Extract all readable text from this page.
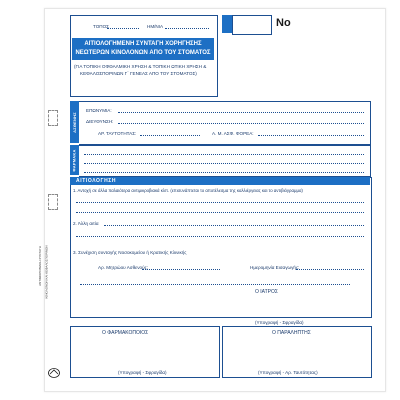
ΤΟΠΟΣ	ΗΜ/ΝΙΑ
ΑΙΤΙΟΛΟΓΗΜΕΝΗ ΣΥΝΤΑΓΗ ΧΟΡΗΓΗΣΗΣ
ΝΕΩΤΕΡΩΝ ΚΙΝΟΛΟΝΩΝ ΑΠΟ ΤΟΥ ΣΤΟΜΑΤΟΣ
(ΓΙΑ ΤΟΠΙΚΗ ΟΦΘΑΛΜΙΚΗ ΧΡΗΣΗ & ΤΟΠΙΚΗ ΩΤΙΚΗ ΧΡΗΣΗ &
ΚΕΦΑΛΟΣΠΟΡΙΝΩΝ Γ΄ ΓΕΝΕΑΣ ΑΠΟ ΤΟΥ ΣΤΟΜΑΤΟΣ)
No
ΑΣΘΕΝΗΣ
ΕΠΩΝΥΜΙΑ:
ΔΙΕΥΘΥΝΣΗ:
ΑΡ. ΤΑΥΤΟΤΗΤΑΣ:	Α. Μ. ΑΣΦ. ΦΟΡΕΑ:
ΦΑΡΜΑΚΑ
ΑΙΤΙΟΛΟΓΗΣΗ
1. Αντοχή σε άλλα παλαιότερα αντιμικροβιακά κλπ. (επισυνάπτεται το αποτέλεσμα της καλλιέργειας και το αντιβιόγραμμα)
2. Άλλη αιτία
3. Συνέχιση συνταγής Νοσοκομείου ή Κρατικής Κλινικής
Αρ. Μητρώου Ασθενούς:	Ημερομηνία Εισαγωγής:
Ο ΙΑΤΡΟΣ
(Υπογραφή - Σφραγίδα)
Ο ΦΑΡΜΑΚΟΠΟΙΟΣ
(Υπογραφή - Σφραγίδα)
Ο ΠΑΡΑΛΗΠΤΗΣ
(Υπογραφή - Αρ. Ταυτότητας)
ΑΝΤΙΜΙΚΡΟΒΙΑΚΗ ΣΥΝΤΑΓΗ ΚΙΝΟΛΟΝΩΝ ΚΑΙ ΚΕΦΑΛΟΣΠΟΡΙΝΩΝ
